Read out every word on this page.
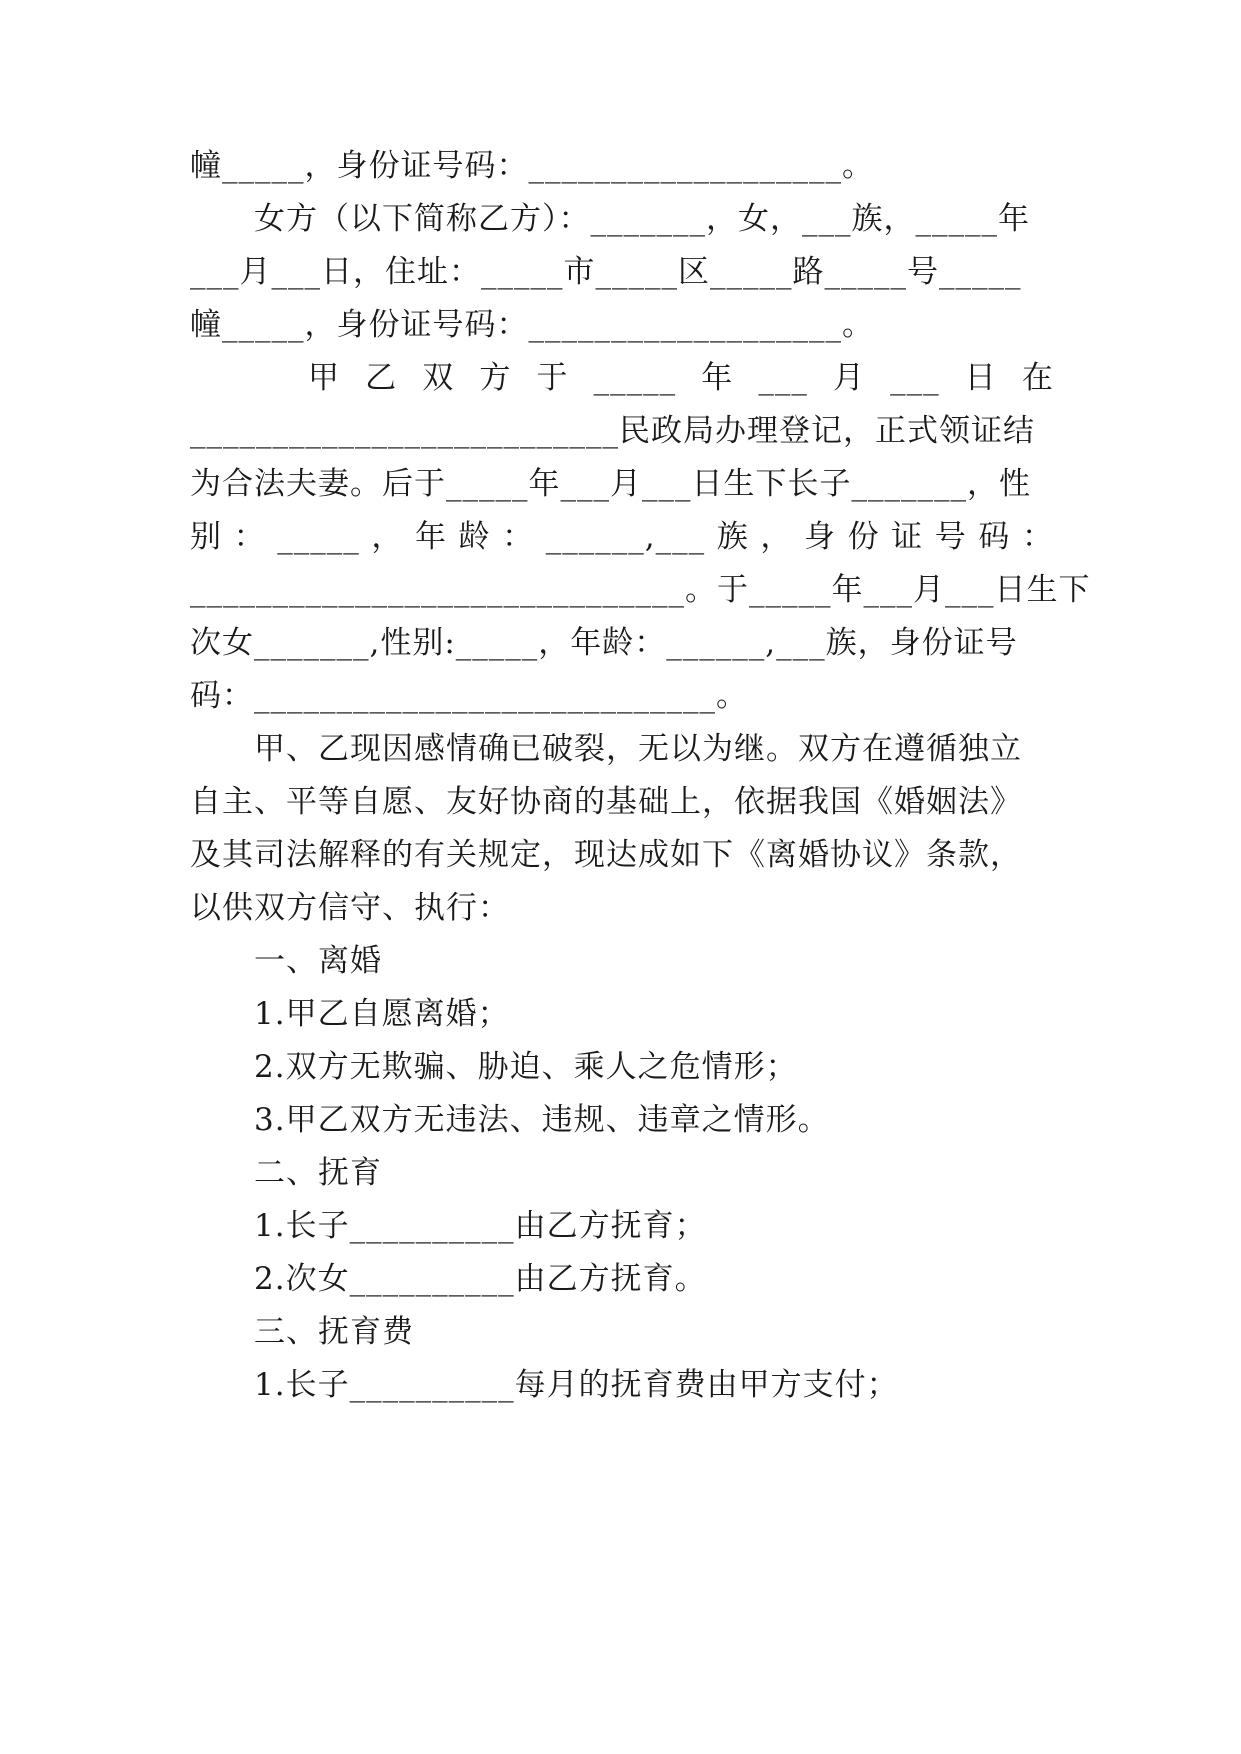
幢_____，身份证号码：___________________。
女方（以下简称乙方）：_______，女，___族，_____年
___月___日，住址：_____市_____区_____路_____号_____
幢_____，身份证号码：___________________。
甲 乙 双 方 于 _____ 年 ___ 月 ___ 日 在
__________________________民政局办理登记，正式领证结
为合法夫妻。后于_____年___月___日生下长子_______，性
别 ： _____ ， 年 龄 ： ______,___ 族 ， 身 份 证 号 码 ：
______________________________。于_____年___月___日生下
次女_______,性别:_____，年龄：______,___族，身份证号
码：____________________________。
甲、乙现因感情确已破裂，无以为继。双方在遵循独立
自主、平等自愿、友好协商的基础上，依据我国《婚姻法》
及其司法解释的有关规定，现达成如下《离婚协议》条款，
以供双方信守、执行：
一、离婚
1.甲乙自愿离婚；
2.双方无欺骗、胁迫、乘人之危情形；
3.甲乙双方无违法、违规、违章之情形。
二、抚育
1.长子__________由乙方抚育；
2.次女__________由乙方抚育。
三、抚育费
1.长子__________每月的抚育费由甲方支付；
